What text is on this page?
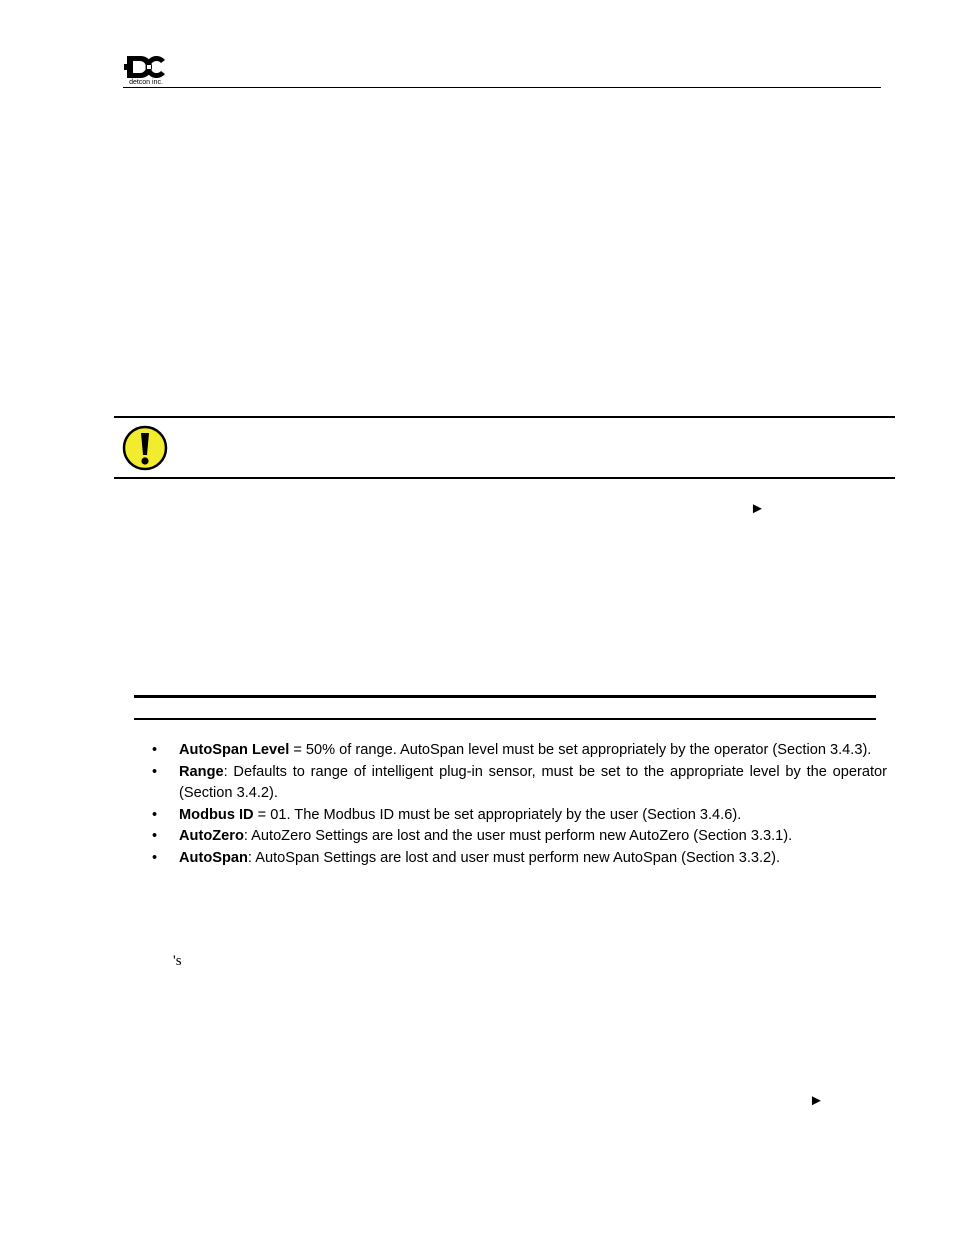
detcon inc.
►
• AutoSpan Level = 50% of range. AutoSpan level must be set appropriately by the operator (Section 3.4.3).
• Range: Defaults to range of intelligent plug-in sensor, must be set to the appropriate level by the operator (Section 3.4.2).
• Modbus ID = 01. The Modbus ID must be set appropriately by the user (Section 3.4.6).
• AutoZero: AutoZero Settings are lost and the user must perform new AutoZero (Section 3.3.1).
• AutoSpan: AutoSpan Settings are lost and user must perform new AutoSpan (Section 3.3.2).
's
►
